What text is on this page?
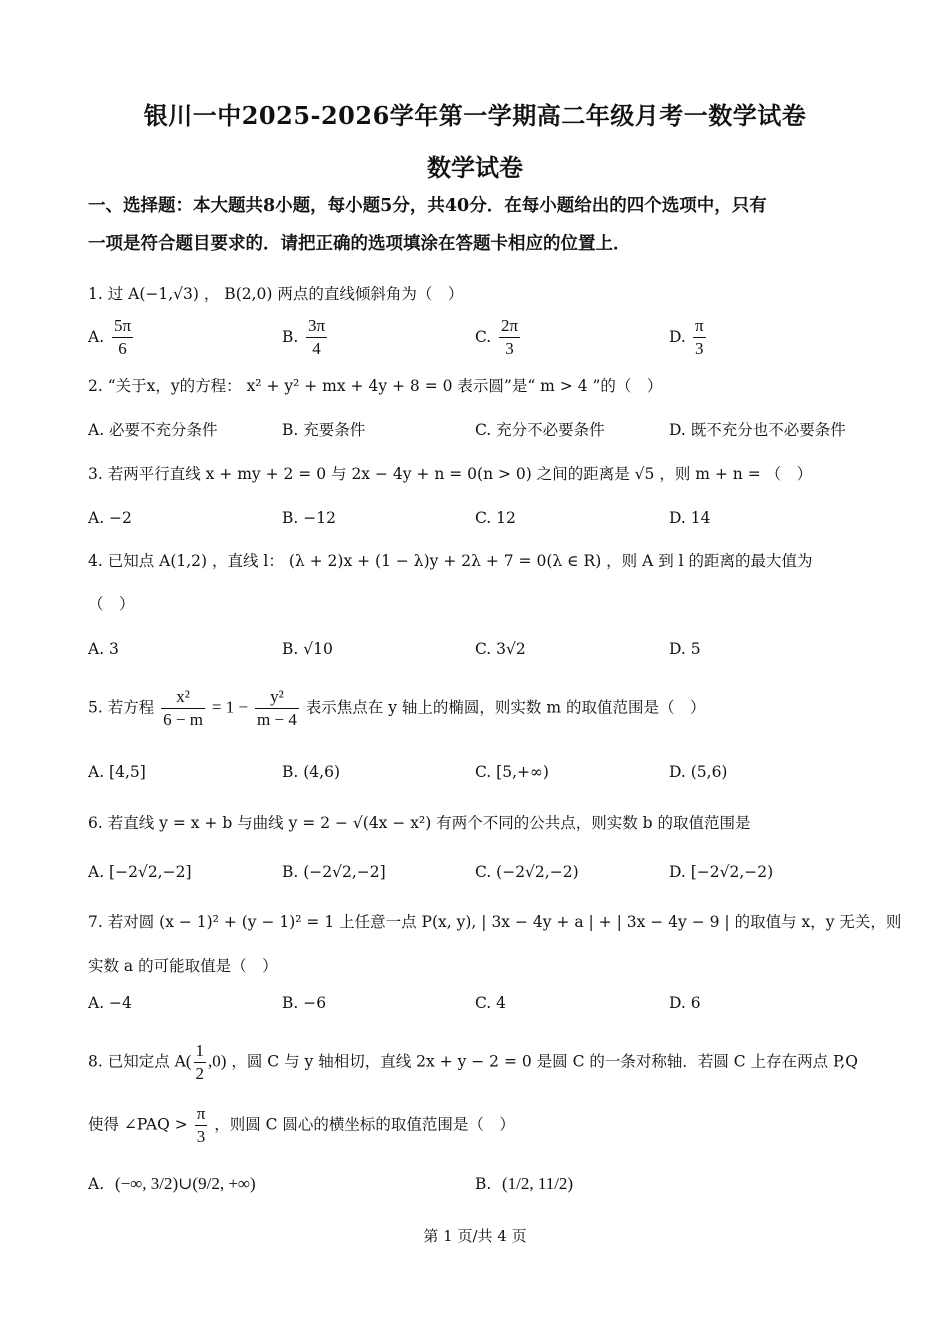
银川一中2025-2026学年第一学期高二年级月考一数学试卷
数学试卷
一、选择题：本大题共8小题，每小题5分，共40分．在每小题给出的四个选项中，只有
一项是符合题目要求的．请把正确的选项填涂在答题卡相应的位置上．
1. 过 A(−1,√3) ， B(2,0) 两点的直线倾斜角为（　）
A. $\frac{5\pi}{6}$	B. $\frac{3\pi}{4}$	C. $\frac{2\pi}{3}$	D. $\frac{\pi}{3}$
2. “关于x，y的方程： x² + y² + mx + 4y + 8 = 0 表示圆”是“ m > 4 ”的（　）
A. 必要不充分条件	B. 充要条件	C. 充分不必要条件	D. 既不充分也不必要条件
3. 若两平行直线 x + my + 2 = 0 与 2x − 4y + n = 0(n > 0) 之间的距离是 √5 ，则 m + n = （　）
A. −2	B. −12	C. 12	D. 14
4. 已知点 A(1,2) ，直线 l： (λ + 2)x + (1 − λ)y + 2λ + 7 = 0(λ ∈ R) ，则 A 到 l 的距离的最大值为
（　）
A. 3	B. √10	C. 3√2	D. 5
5. 若方程 $\frac{\text{x²}}{6 - m} = 1 - \frac{\text{y²}}{m - 4}$ 表示焦点在 y 轴上的椭圆，则实数 m 的取值范围是（　）
A. [4,5]	B. (4,6)	C. [5,+∞)	D. (5,6)
6. 若直线 y = x + b 与曲线 y = 2 − √(4x − x²) 有两个不同的公共点，则实数 b 的取值范围是
A. [−2√2,−2]	B. (−2√2,−2]	C. (−2√2,−2)	D. [−2√2,−2)
7. 若对圆 (x − 1)² + (y − 1)² = 1 上任意一点 P(x, y), | 3x − 4y + a | + | 3x − 4y − 9 | 的取值与 x，y 无关，则
实数 a 的可能取值是（　）
A. −4	B. −6	C. 4	D. 6
8. 已知定点 $A( \frac{1}{2} ,0)$ ，圆 C 与 y 轴相切，直线 2x + y − 2 = 0 是圆 C 的一条对称轴．若圆 C 上存在两点 P,Q
使得 ∠PAQ > $\frac{\pi}{3}$ ，则圆 C 圆心的横坐标的取值范围是（　）
A. (−∞, 3/2)∪(9/2, +∞)	B. (1/2, 11/2)
第 1 页/共 4 页
